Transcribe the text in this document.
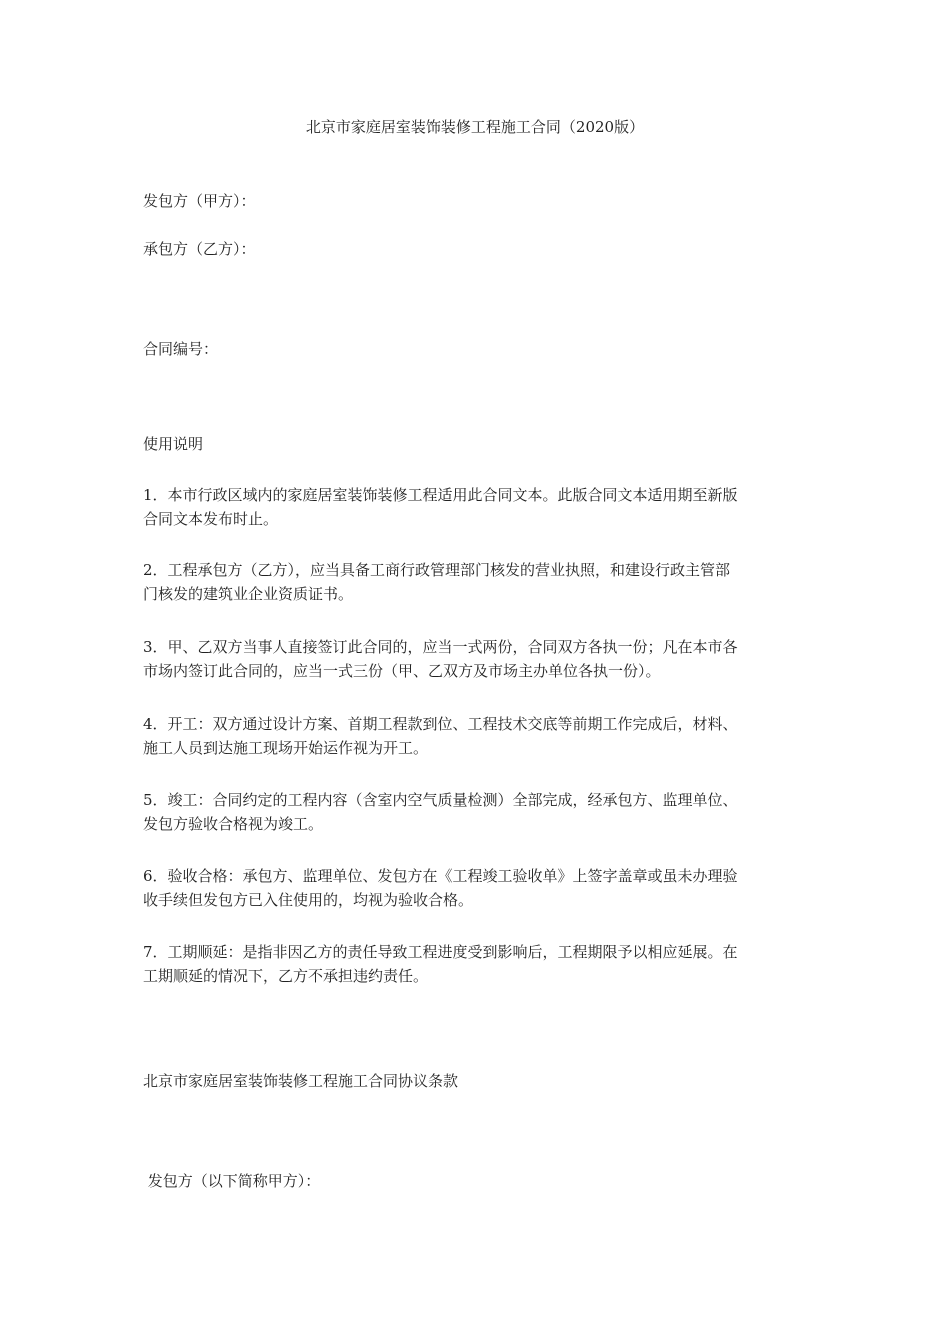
北京市家庭居室装饰装修工程施工合同（2020版）
发包方（甲方）：
承包方（乙方）：
合同编号：
使用说明
1．本市行政区域内的家庭居室装饰装修工程适用此合同文本。此版合同文本适用期至新版
合同文本发布时止。
2．工程承包方（乙方），应当具备工商行政管理部门核发的营业执照，和建设行政主管部
门核发的建筑业企业资质证书。
3．甲、乙双方当事人直接签订此合同的，应当一式两份，合同双方各执一份；凡在本市各
市场内签订此合同的，应当一式三份（甲、乙双方及市场主办单位各执一份）。
4．开工：双方通过设计方案、首期工程款到位、工程技术交底等前期工作完成后，材料、
施工人员到达施工现场开始运作视为开工。
5．竣工：合同约定的工程内容（含室内空气质量检测）全部完成，经承包方、监理单位、
发包方验收合格视为竣工。
6．验收合格：承包方、监理单位、发包方在《工程竣工验收单》上签字盖章或虽未办理验
收手续但发包方已入住使用的，均视为验收合格。
7．工期顺延：是指非因乙方的责任导致工程进度受到影响后，工程期限予以相应延展。在
工期顺延的情况下，乙方不承担违约责任。
北京市家庭居室装饰装修工程施工合同协议条款
发包方（以下简称甲方）：
